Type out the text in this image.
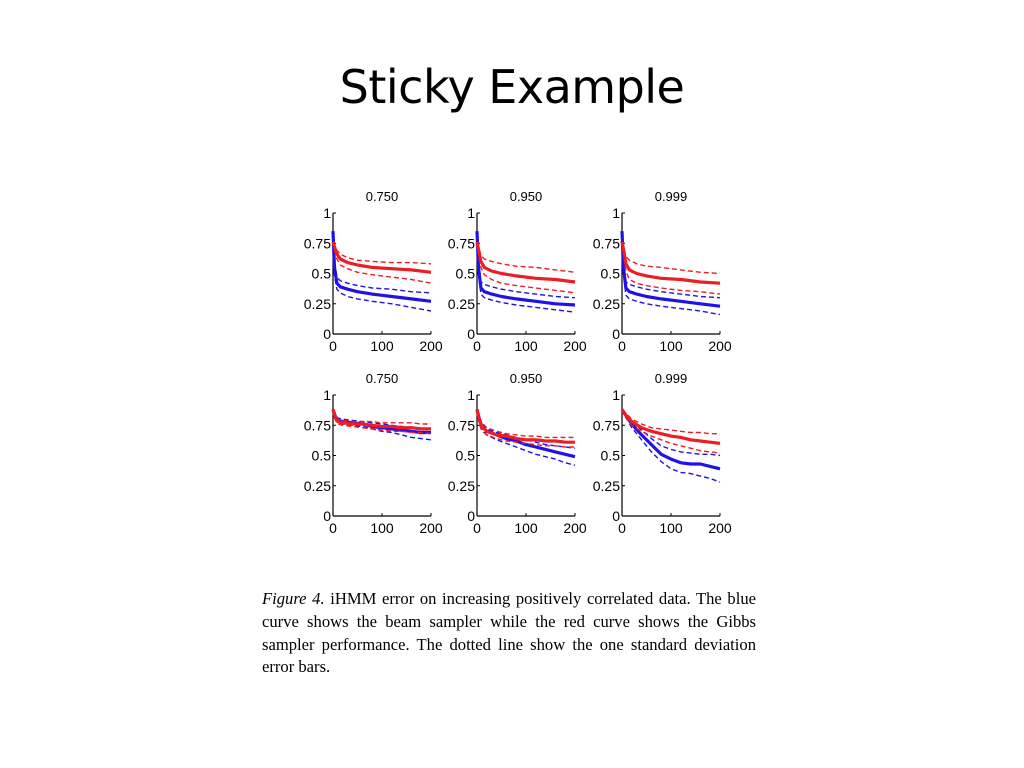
Sticky Example
0.750
0
0.25
0.5
0.75
1
0 100 200
0.950
0
0.25
0.5
0.75
1
0 100 200
0.999
0
0.25
0.5
0.75
1
0 100 200
0.750
0
0.25
0.5
0.75
1
0 100 200
0.950
0
0.25
0.5
0.75
1
0 100 200
0.999
0
0.25
0.5
0.75
1
0 100 200
Figure 4. iHMM error on increasing positively correlated data. The blue curve shows the beam sampler while the red curve shows the Gibbs sampler performance. The dotted line show the one standard deviation error bars.
